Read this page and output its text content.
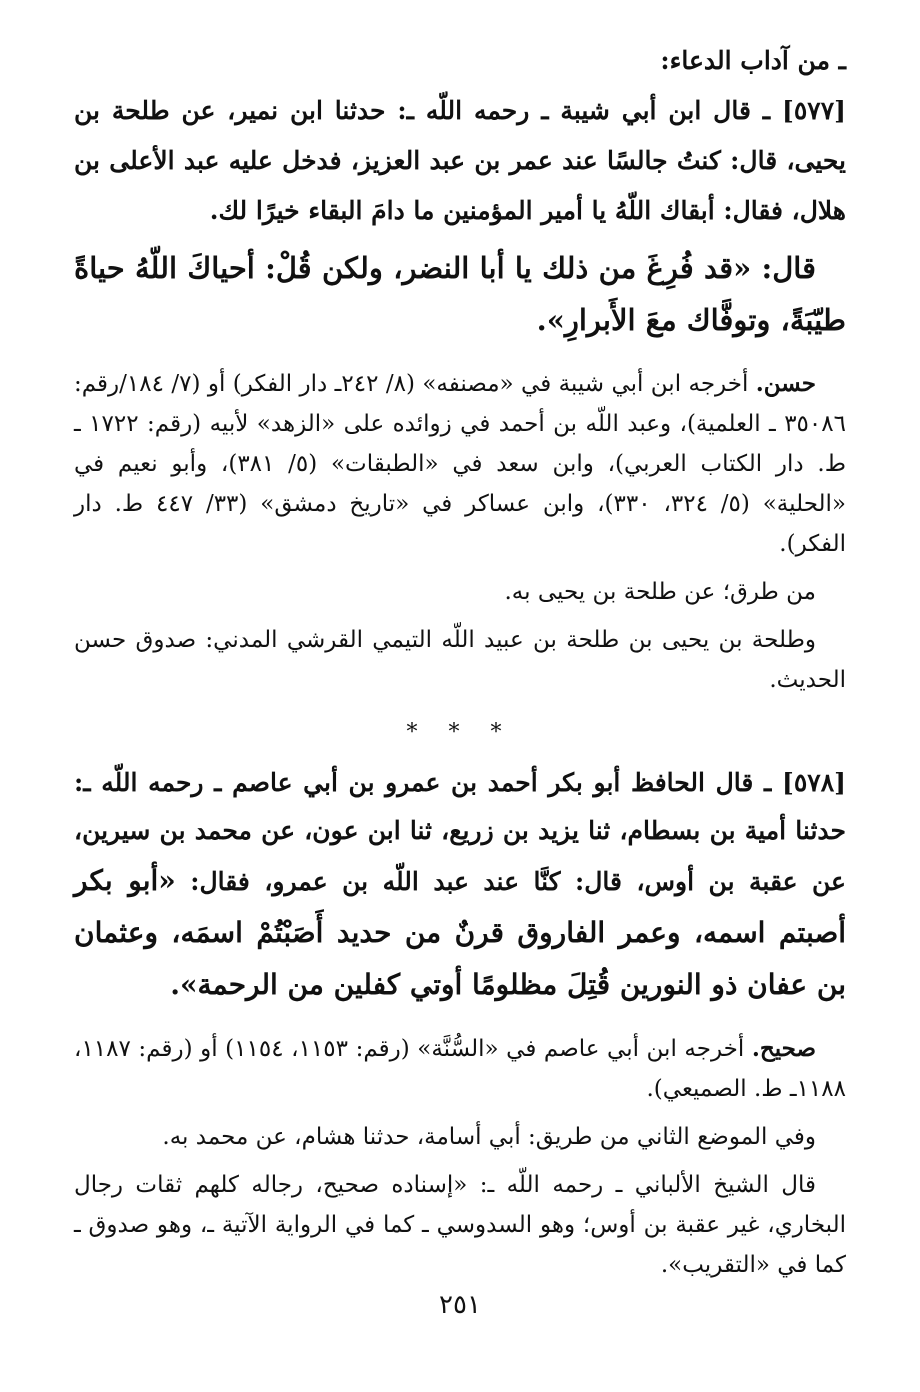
ـ من آداب الدعاء:

[٥٧٧] ـ قال ابن أبي شيبة ـ رحمه اللّه ـ: حدثنا ابن نمير، عن طلحة بن يحيى، قال: كنتُ جالسًا عند عمر بن عبد العزيز، فدخل عليه عبد الأعلى بن هلال، فقال: أبقاك اللّهُ يا أمير المؤمنين ما دامَ البقاء خيرًا لك.

قال: «قد فُرِغَ من ذلك يا أبا النضر، ولكن قُلْ: أحياكَ اللّهُ حياةً طيّبَةً، وتوفَّاك معَ الأَبرارِ».

حسن. أخرجه ابن أبي شيبة في «مصنفه» (٨/ ٢٤٢ـ دار الفكر) أو (٧/ ١٨٤/رقم: ٣٥٠٨٦ ـ العلمية)، وعبد اللّه بن أحمد في زوائده على «الزهد» لأبيه (رقم: ١٧٢٢ ـ ط. دار الكتاب العربي)، وابن سعد في «الطبقات» (٥/ ٣٨١)، وأبو نعيم في «الحلية» (٥/ ٣٢٤، ٣٣٠)، وابن عساكر في «تاريخ دمشق» (٣٣/ ٤٤٧ ط. دار الفكر).

من طرق؛ عن طلحة بن يحيى به.

وطلحة بن يحيى بن طلحة بن عبيد اللّه التيمي القرشي المدني: صدوق حسن الحديث.

* * *

[٥٧٨] ـ قال الحافظ أبو بكر أحمد بن عمرو بن أبي عاصم ـ رحمه اللّه ـ: حدثنا أمية بن بسطام، ثنا يزيد بن زريع، ثنا ابن عون، عن محمد بن سيرين، عن عقبة بن أوس، قال: كنَّا عند عبد اللّه بن عمرو، فقال: «أبو بكر أصبتم اسمه، وعمر الفاروق قرنٌ من حديد أَصَبْتُمْ اسمَه، وعثمان بن عفان ذو النورين قُتِلَ مظلومًا أوتي كفلين من الرحمة».

صحيح. أخرجه ابن أبي عاصم في «السُّنَّة» (رقم: ١١٥٣، ١١٥٤) أو (رقم: ١١٨٧، ١١٨٨ـ ط. الصميعي).

وفي الموضع الثاني من طريق: أبي أسامة، حدثنا هشام، عن محمد به.

قال الشيخ الألباني ـ رحمه اللّه ـ: «إسناده صحيح، رجاله كلهم ثقات رجال البخاري، غير عقبة بن أوس؛ وهو السدوسي ـ كما في الرواية الآتية ـ، وهو صدوق ـ كما في «التقريب».

٢٥١
